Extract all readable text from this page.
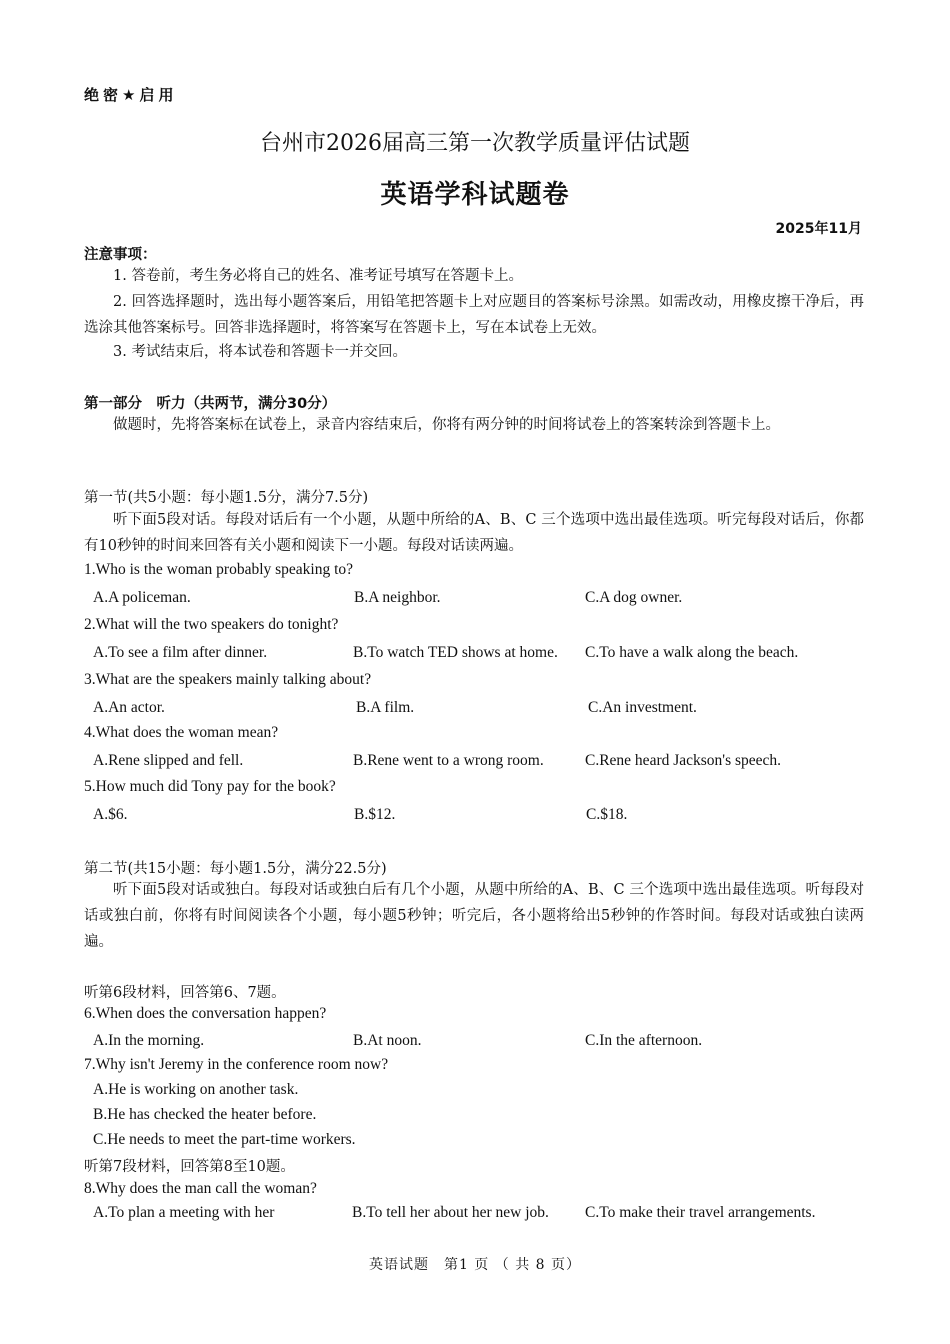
绝密★启用
台州市2026届高三第一次教学质量评估试题
英语学科试题卷
2025年11月
注意事项：
1. 答卷前，考生务必将自己的姓名、准考证号填写在答题卡上。
2. 回答选择题时，选出每小题答案后，用铅笔把答题卡上对应题目的答案标号涂黑。如需改动，用橡皮擦干净后，再选涂其他答案标号。回答非选择题时，将答案写在答题卡上，写在本试卷上无效。
3. 考试结束后，将本试卷和答题卡一并交回。
第一部分　听力（共两节，满分30分）
做题时，先将答案标在试卷上，录音内容结束后，你将有两分钟的时间将试卷上的答案转涂到答题卡上。
第一节(共5小题：每小题1.5分，满分7.5分)
听下面5段对话。每段对话后有一个小题，从题中所给的A、B、C 三个选项中选出最佳选项。听完每段对话后，你都有10秒钟的时间来回答有关小题和阅读下一小题。每段对话读两遍。
1.Who is the woman probably speaking to?
A.A policeman.	B.A neighbor.	C.A dog owner.
2.What will the two speakers do tonight?
A.To see a film after dinner.	B.To watch TED shows at home. C.To have a walk along the beach.
3.What are the speakers mainly talking about?
A.An actor.	B.A film.	C.An investment.
4.What does the woman mean?
A.Rene slipped and fell.	B.Rene went to a wrong room.	C.Rene heard Jackson's speech.
5.How much did Tony pay for the book?
A.$6.	B.$12.	C.$18.
第二节(共15小题：每小题1.5分，满分22.5分)
听下面5段对话或独白。每段对话或独白后有几个小题，从题中所给的A、B、C 三个选项中选出最佳选项。听每段对话或独白前，你将有时间阅读各个小题，每小题5秒钟；听完后，各小题将给出5秒钟的作答时间。每段对话或独白读两遍。
听第6段材料，回答第6、7题。
6.When does the conversation happen?
A.In the morning.	B.At noon.	C.In the afternoon.
7.Why isn't Jeremy in the conference room now?
A.He is working on another task.
B.He has checked the heater before.
C.He needs to meet the part-time workers.
听第7段材料，回答第8至10题。
8.Why does the man call the woman?
A.To plan a meeting with her	B.To tell her about her new job. C.To make their travel arrangements.
英语试题　第1 页 （ 共 8 页）
